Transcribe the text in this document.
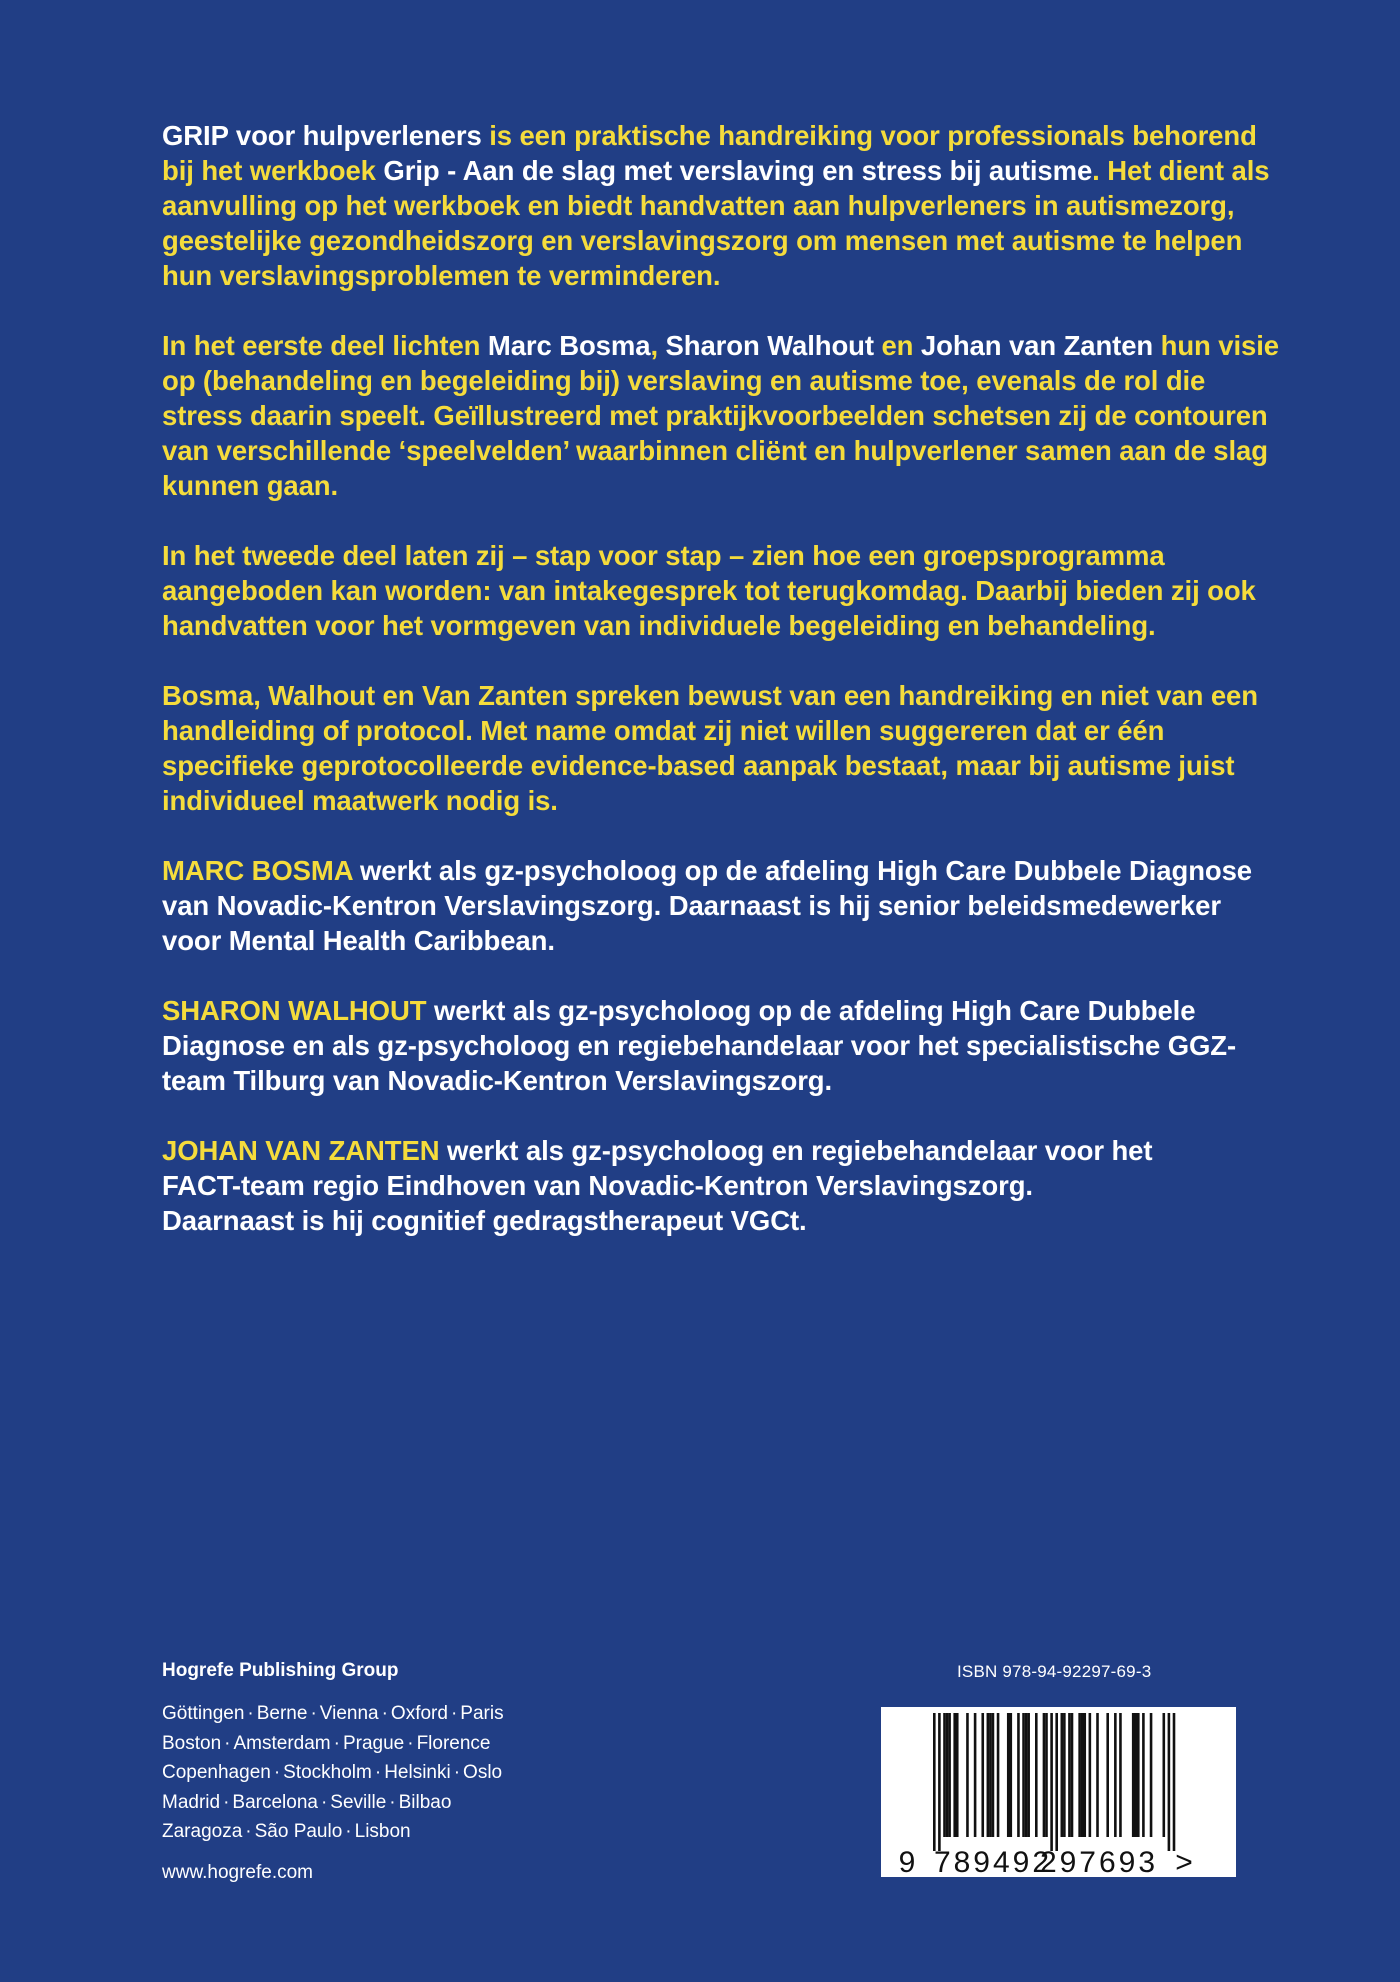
GRIP voor hulpverleners is een praktische handreiking voor professionals behorend bij het werkboek Grip - Aan de slag met verslaving en stress bij autisme. Het dient als aanvulling op het werkboek en biedt handvatten aan hulpverleners in autismezorg, geestelijke gezondheidszorg en verslavingszorg om mensen met autisme te helpen hun verslavingsproblemen te verminderen.

In het eerste deel lichten Marc Bosma, Sharon Walhout en Johan van Zanten hun visie op (behandeling en begeleiding bij) verslaving en autisme toe, evenals de rol die stress daarin speelt. Geïllustreerd met praktijkvoorbeelden schetsen zij de contouren van verschillende ‘speelvelden’ waarbinnen cliënt en hulpverlener samen aan de slag kunnen gaan.

In het tweede deel laten zij – stap voor stap – zien hoe een groepsprogramma aangeboden kan worden: van intakegesprek tot terugkomdag. Daarbij bieden zij ook handvatten voor het vormgeven van individuele begeleiding en behandeling.

Bosma, Walhout en Van Zanten spreken bewust van een handreiking en niet van een handleiding of protocol. Met name omdat zij niet willen suggereren dat er één specifieke geprotocolleerde evidence-based aanpak bestaat, maar bij autisme juist individueel maatwerk nodig is.

MARC BOSMA werkt als gz-psycholoog op de afdeling High Care Dubbele Diagnose van Novadic-Kentron Verslavingszorg. Daarnaast is hij senior beleidsmedewerker voor Mental Health Caribbean.

SHARON WALHOUT werkt als gz-psycholoog op de afdeling High Care Dubbele Diagnose en als gz-psycholoog en regiebehandelaar voor het specialistische GGZ-team Tilburg van Novadic-Kentron Verslavingszorg.

JOHAN VAN ZANTEN werkt als gz-psycholoog en regiebehandelaar voor het FACT-team regio Eindhoven van Novadic-Kentron Verslavingszorg. Daarnaast is hij cognitief gedragstherapeut VGCt.

Hogrefe Publishing Group
Göttingen · Berne · Vienna · Oxford · Paris
Boston · Amsterdam · Prague · Florence
Copenhagen · Stockholm · Helsinki · Oslo
Madrid · Barcelona · Seville · Bilbao
Zaragoza · São Paulo · Lisbon
www.hogrefe.com
ISBN 978-94-92297-69-3
9 789492
297693 >
